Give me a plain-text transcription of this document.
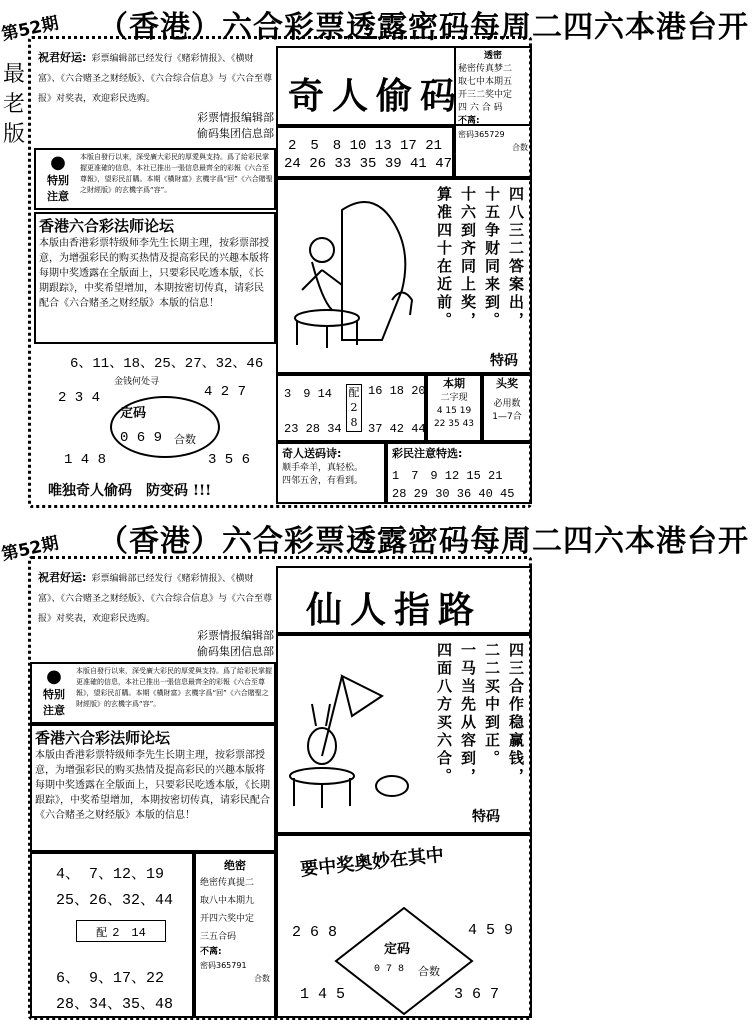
第52期 （香港）六合彩票透露密码每周二四六本港台开
最
老
版
祝君好运: 彩票编辑部已经发行《赌彩情报》、《横财富》、《六合赌圣之财经版》、《六合综合信息》与《六合至尊报》对奖表，欢迎彩民选购。
彩票情报编辑部
偷码集团信息部
●
特别
注意
本版自發行以來，深受廣大彩民的厚愛與支持。爲了給彩民掌握更准確的信息，本社已推出一張信息最齊全的彩報《六合至尊報》，望彩民訂購。本期《橫財富》玄機字爲“回”《六合賭聖之財經版》的玄機字爲“容”。
香港六合彩法师论坛
本版由香港彩票特级师李先生长期主理，按彩票部授意，为增强彩民的购买热情及提高彩民的兴趣本版将每期中奖透露在全版面上，只要彩民吃透本版，《长期跟踪》，中奖希望增加，本期按密切传真，请彩民配合《六合赌圣之财经版》本版的信息！
6、11、18、25、27、32、46
金钱何处寻
2 3 4	4 2 7
定码
0 6 9 合数
1 4 8	3 5 6
唯独奇人偷码　防变码 !!!
奇人偷码
2　5　8 10 13 17 21
24 26 33 35 39 41 47
透密
秘密传真梦二
取七中本期五
开三二奖中定
四 六 合 码
不离:
密码365729
合数
四八三二答案出，
十五争财同来到。
十六到齐同上奖，
算准四十在近前。
特码
3　9 14
23 28 34
配
2 8
16 18 20
37 42 44
本期
二字现
4 15 19
22 35 43
头奖
必用数
1—7合
奇人送码诗:
顺手牵羊，真轻松。
四邻五舍，有看到。
彩民注意特选:
1　7　9 12 15 21
28 29 30 36 40 45
第52期 （香港）六合彩票透露密码每周二四六本港台开
祝君好运: 彩票编辑部已经发行《赌彩情报》、《横财富》、《六合赌圣之财经版》、《六合综合信息》与《六合至尊报》对奖表，欢迎彩民选购。
彩票情报编辑部
偷码集团信息部
●
特别
注意
本版自發行以來，深受廣大彩民的厚愛與支持。爲了給彩民掌握更准確的信息，本社已推出一張信息最齊全的彩報《六合至尊報》，望彩民訂購。本期《橫財富》玄機字爲“回”《六合賭聖之財經版》的玄機字爲“容”。
香港六合彩法师论坛
本版由香港彩票特级师李先生长期主理，按彩票部授意，为增强彩民的购买热情及提高彩民的兴趣本版将每期中奖透露在全版面上，只要彩民吃透本版，《长期跟踪》，中奖希望增加，本期按密切传真，请彩民配合《六合赌圣之财经版》本版的信息！
4、 7、12、19
25、26、32、44
配 2　14
6、 9、17、22
28、34、35、48
绝密
绝密传真提二
取八中本期九
开四六奖中定
三五合码
不离:
密码365791
合数
仙人指路
四三合作稳赢钱，
二二买中到正。
一马当先从容到，
四面八方买六合。
特码
要中奖奥妙在其中
2 6 8	4 5 9
定码
0 7 8 合数
1 4 5	3 6 7
